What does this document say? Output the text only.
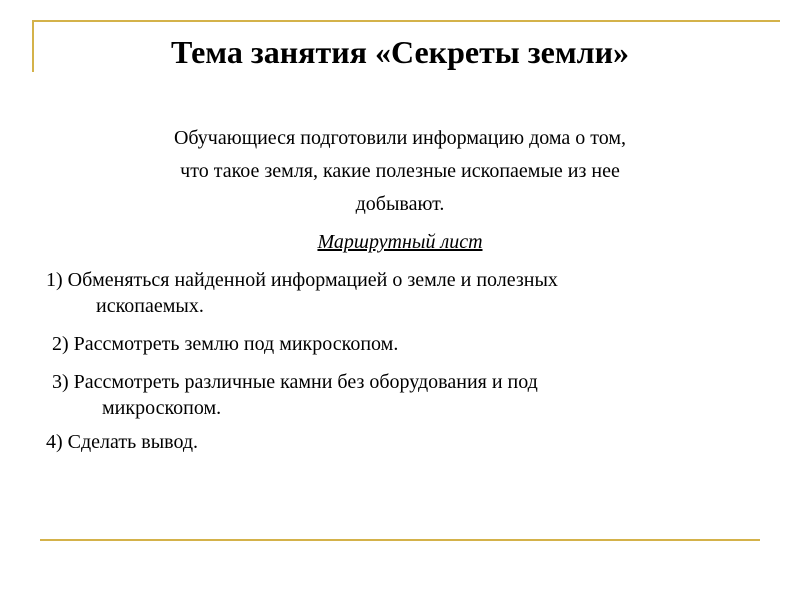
Тема занятия «Секреты земли»

Обучающиеся подготовили информацию дома о том,

что такое земля, какие полезные ископаемые из нее

добывают.

Маршрутный лист

1) Обменяться найденной информацией о земле и полезных
ископаемых.

2) Рассмотреть землю под микроскопом.

3) Рассмотреть различные камни без оборудования и под
микроскопом.

4) Сделать вывод.
